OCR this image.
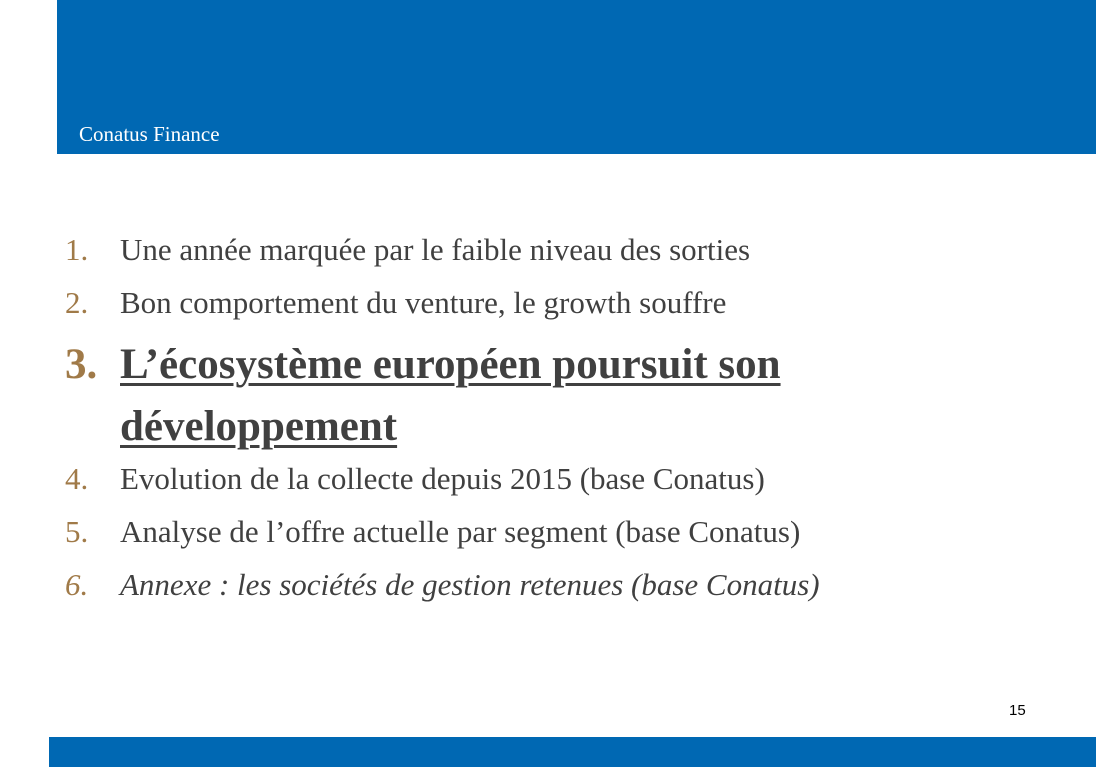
Conatus Finance
1.	Une année marquée par le faible niveau des sorties
2.	Bon comportement du venture, le growth souffre
3. L’écosystème européen poursuit son développement
4.	Evolution de la collecte depuis 2015 (base Conatus)
5.	Analyse de l’offre actuelle par segment (base Conatus)
6.	Annexe : les sociétés de gestion retenues (base Conatus)
15
